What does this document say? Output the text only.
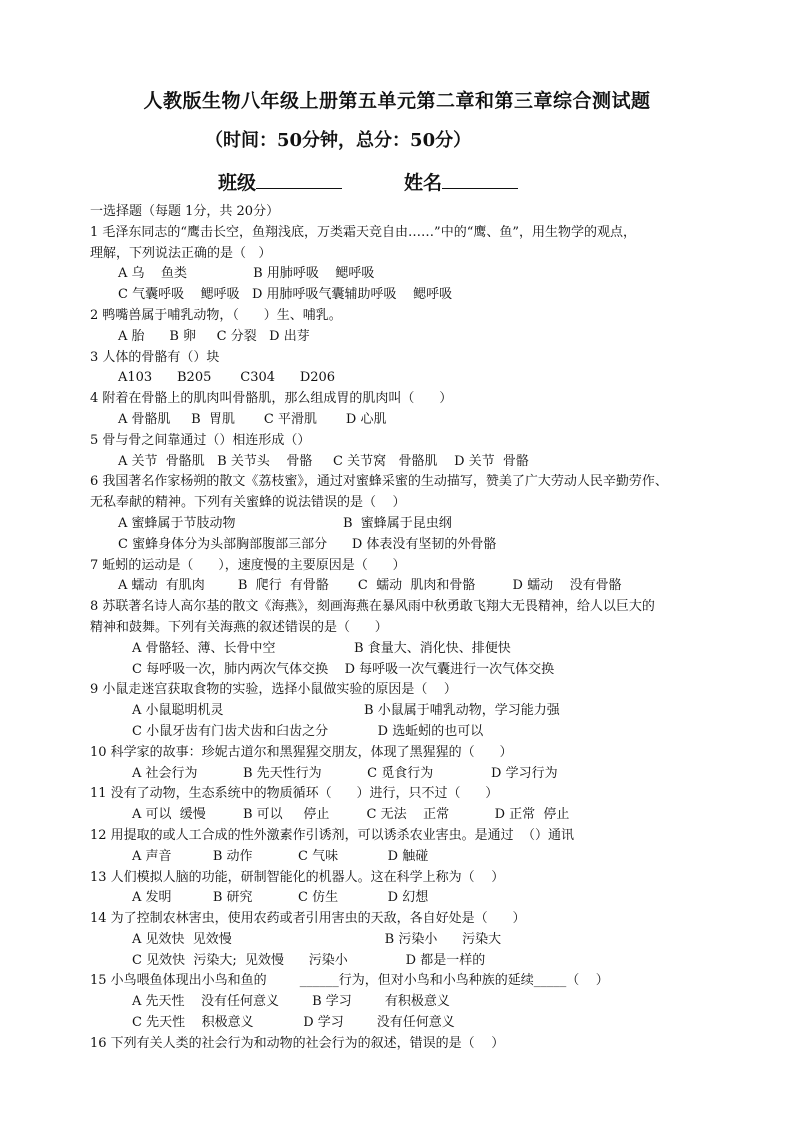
人教版生物八年级上册第五单元第二章和第三章综合测试题
（时间：50分钟，总分：50分）
班级	姓名
一选择题（每题 1分，共 20分）
1 毛泽东同志的“鹰击长空，鱼翔浅底，万类霜天竞自由……”中的“鹰、鱼”，用生物学的观点，
理解，下列说法正确的是（   ）
A 乌    鱼类                B 用肺呼吸    鳃呼吸
C 气囊呼吸    鳃呼吸   D 用肺呼吸气囊辅助呼吸    鳃呼吸
2 鸭嘴兽属于哺乳动物，（      ）生、哺乳。
A 胎      B 卵     C 分裂   D 出芽
3 人体的骨骼有（）块
A103      B205       C304      D206
4 附着在骨骼上的肌肉叫骨骼肌，那么组成胃的肌肉叫（      ）
A 骨骼肌     B  胃肌       C 平滑肌       D 心肌
5 骨与骨之间靠通过（）相连形成（）
A 关节  骨骼肌   B 关节头    骨骼     C 关节窝   骨骼肌    D 关节  骨骼
6 我国著名作家杨朔的散文《荔枝蜜》，通过对蜜蜂采蜜的生动描写，赞美了广大劳动人民辛勤劳作、
无私奉献的精神。下列有关蜜蜂的说法错误的是（    ）
A 蜜蜂属于节肢动物                          B  蜜蜂属于昆虫纲
C 蜜蜂身体分为头部胸部腹部三部分      D 体表没有坚韧的外骨骼
7 蚯蚓的运动是（      ），速度慢的主要原因是（      ）
A 蠕动  有肌肉        B  爬行  有骨骼       C  蠕动  肌肉和骨骼         D 蠕动    没有骨骼
8 苏联著名诗人高尔基的散文《海燕》，刻画海燕在暴风雨中秋勇敢飞翔大无畏精神，给人以巨大的
精神和鼓舞。下列有关海燕的叙述错误的是（      ）
A 骨骼轻、薄、长骨中空                   B 食量大、消化快、排便快
C 每呼吸一次，肺内两次气体交换    D 每呼吸一次气囊进行一次气体交换
9 小鼠走迷宫获取食物的实验，选择小鼠做实验的原因是（    ）
A 小鼠聪明机灵                                  B 小鼠属于哺乳动物，学习能力强
C 小鼠牙齿有门齿犬齿和臼齿之分            D 选蚯蚓的也可以
10 科学家的故事：珍妮古道尔和黑猩猩交朋友，体现了黑猩猩的（      ）
A 社会行为           B 先天性行为           C 觅食行为              D 学习行为
11 没有了动物，生态系统中的物质循环（      ）进行，只不过（      ）
A 可以  缓慢         B 可以     停止         C 无法    正常           D 正常  停止
12 用提取的或人工合成的性外激素作引诱剂，可以诱杀农业害虫。是通过  （）通讯
A 声音          B 动作           C 气味            D 触碰
13 人们模拟人脑的功能，研制智能化的机器人。这在科学上称为（    ）
A 发明          B 研究           C 仿生            D 幻想
14 为了控制农林害虫，使用农药或者引用害虫的天敌，各自好处是（      ）
A 见效快  见效慢                                     B 污染小      污染大
C 见效快  污染大;  见效慢      污染小              D 都是一样的
15 小鸟喂鱼体现出小鸟和鱼的        ______行为，但对小鸟和小鸟种族的延续_____（    ）
A 先天性    没有任何意义        B 学习        有积极意义
C 先天性    积极意义            D 学习        没有任何意义
16 下列有关人类的社会行为和动物的社会行为的叙述，错误的是（    ）
